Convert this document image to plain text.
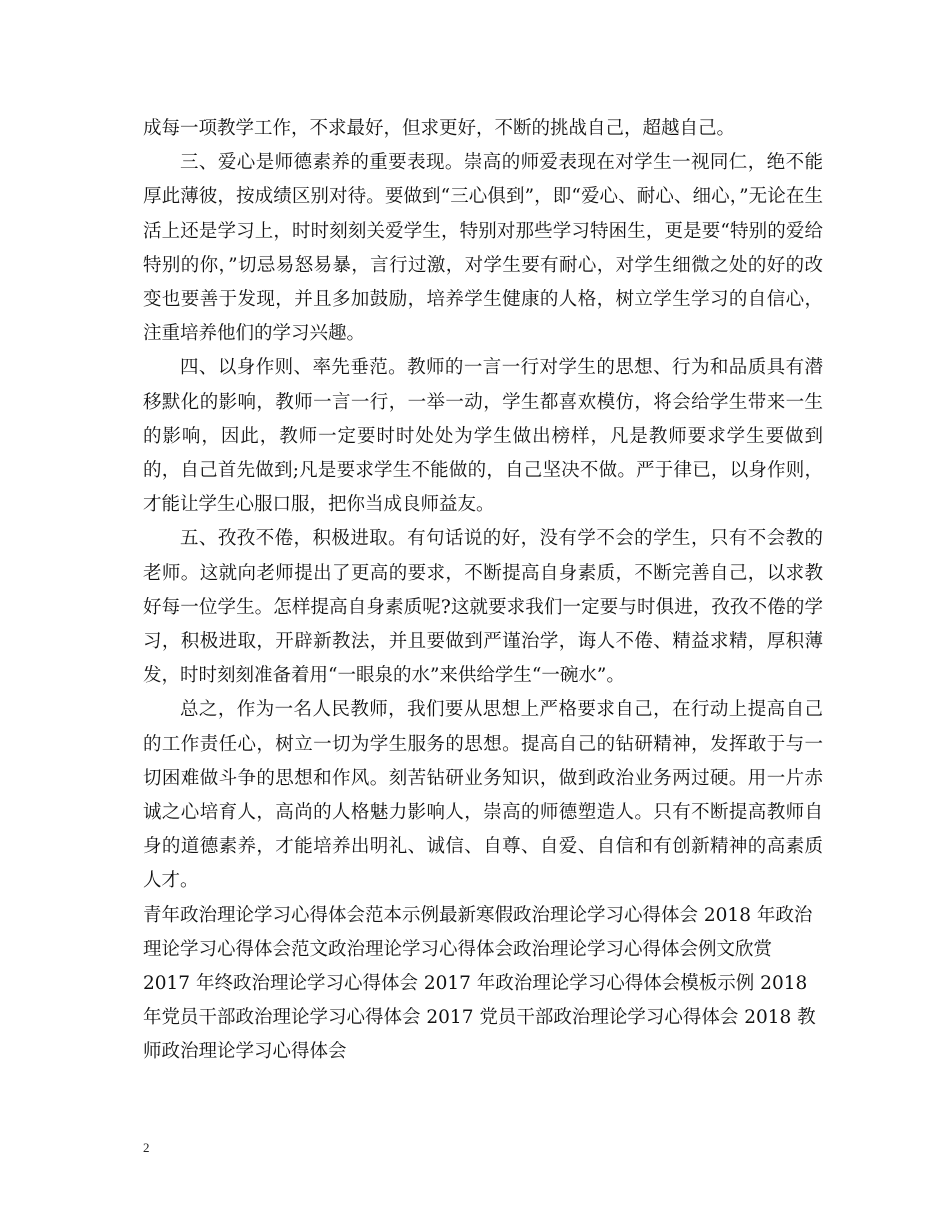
成每一项教学工作，不求最好，但求更好，不断的挑战自己，超越自己。

三、爱心是师德素养的重要表现。崇高的师爱表现在对学生一视同仁，绝不能厚此薄彼，按成绩区别对待。要做到“三心俱到”，即“爱心、耐心、细心，”无论在生活上还是学习上，时时刻刻关爱学生，特别对那些学习特困生，更是要“特别的爱给特别的你，”切忌易怒易暴，言行过激，对学生要有耐心，对学生细微之处的好的改变也要善于发现，并且多加鼓励，培养学生健康的人格，树立学生学习的自信心，注重培养他们的学习兴趣。

四、以身作则、率先垂范。教师的一言一行对学生的思想、行为和品质具有潜移默化的影响，教师一言一行，一举一动，学生都喜欢模仿，将会给学生带来一生的影响，因此，教师一定要时时处处为学生做出榜样，凡是教师要求学生要做到的，自己首先做到;凡是要求学生不能做的，自己坚决不做。严于律已，以身作则，才能让学生心服口服，把你当成良师益友。

五、孜孜不倦，积极进取。有句话说的好，没有学不会的学生，只有不会教的老师。这就向老师提出了更高的要求，不断提高自身素质，不断完善自己，以求教好每一位学生。怎样提高自身素质呢?这就要求我们一定要与时俱进，孜孜不倦的学习，积极进取，开辟新教法，并且要做到严谨治学，诲人不倦、精益求精，厚积薄发，时时刻刻准备着用“一眼泉的水”来供给学生“一碗水”。

总之，作为一名人民教师，我们要从思想上严格要求自己，在行动上提高自己的工作责任心，树立一切为学生服务的思想。提高自己的钻研精神，发挥敢于与一切困难做斗争的思想和作风。刻苦钻研业务知识，做到政治业务两过硬。用一片赤诚之心培育人，高尚的人格魅力影响人，崇高的师德塑造人。只有不断提高教师自身的道德素养，才能培养出明礼、诚信、自尊、自爱、自信和有创新精神的高素质人才。

青年政治理论学习心得体会范本示例最新寒假政治理论学习心得体会 2018 年政治理论学习心得体会范文政治理论学习心得体会政治理论学习心得体会例文欣赏 2017 年终政治理论学习心得体会 2017 年政治理论学习心得体会模板示例 2018 年党员干部政治理论学习心得体会 2017 党员干部政治理论学习心得体会 2018 教师政治理论学习心得体会

2
